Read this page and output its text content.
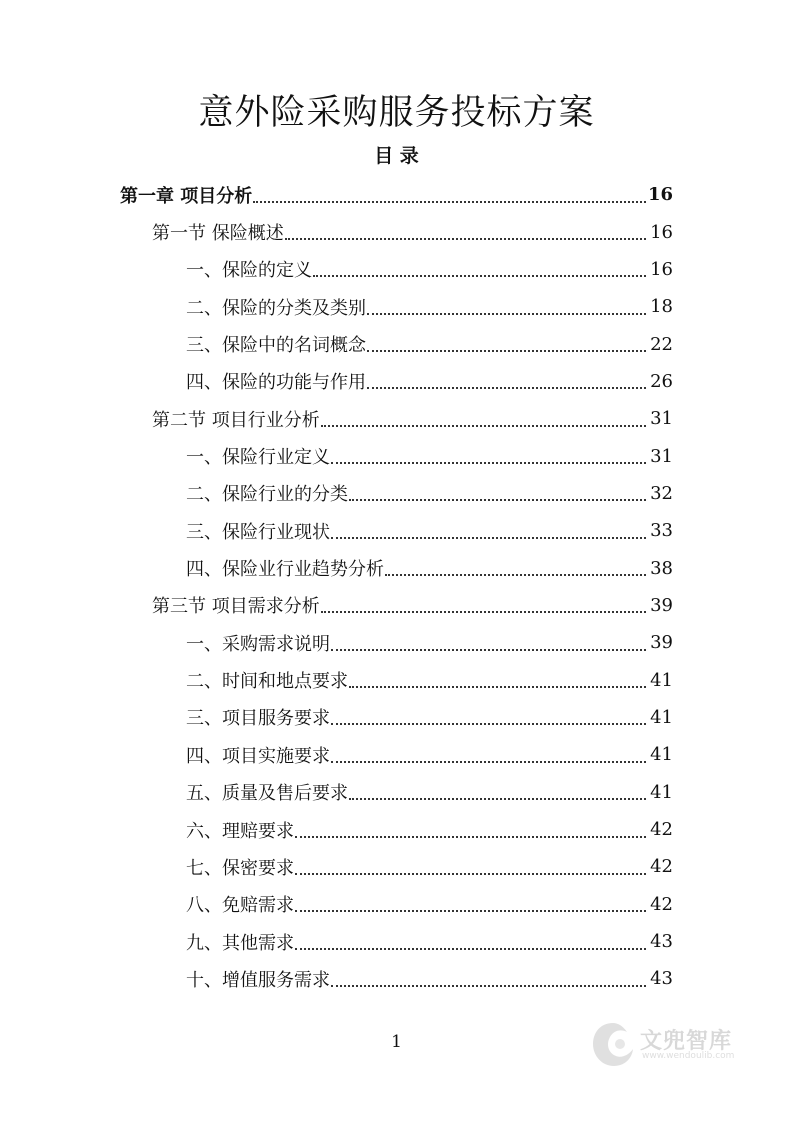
意外险采购服务投标方案
目 录
第一章 项目分析	16
第一节 保险概述	16
一、保险的定义	16
二、保险的分类及类别	18
三、保险中的名词概念	22
四、保险的功能与作用	26
第二节 项目行业分析	31
一、保险行业定义	31
二、保险行业的分类	32
三、保险行业现状	33
四、保险业行业趋势分析	38
第三节 项目需求分析	39
一、采购需求说明	39
二、时间和地点要求	41
三、项目服务要求	41
四、项目实施要求	41
五、质量及售后要求	41
六、理赔要求	42
七、保密要求	42
八、免赔需求	42
九、其他需求	43
十、增值服务需求	43
1	文兜智库
www.wendoulib.com
